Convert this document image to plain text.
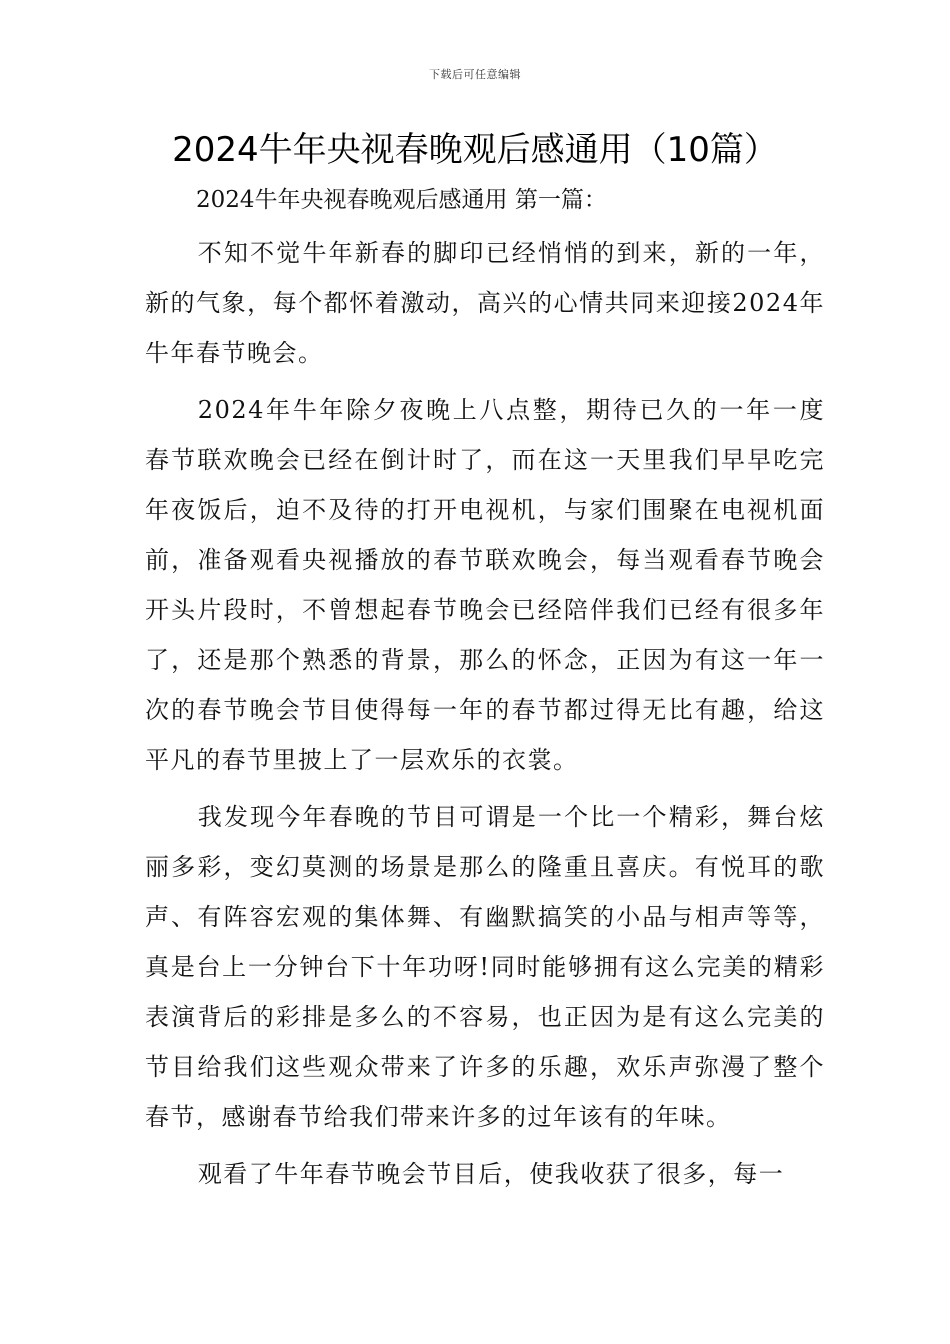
下载后可任意编辑
2024牛年央视春晚观后感通用（10篇）
2024牛年央视春晚观后感通用 第一篇：

不知不觉牛年新春的脚印已经悄悄的到来，新的一年，新的气象，每个都怀着激动，高兴的心情共同来迎接2024年牛年春节晚会。

2024年牛年除夕夜晚上八点整，期待已久的一年一度春节联欢晚会已经在倒计时了，而在这一天里我们早早吃完年夜饭后，迫不及待的打开电视机，与家们围聚在电视机面前，准备观看央视播放的春节联欢晚会，每当观看春节晚会开头片段时，不曾想起春节晚会已经陪伴我们已经有很多年了，还是那个熟悉的背景，那么的怀念，正因为有这一年一次的春节晚会节目使得每一年的春节都过得无比有趣，给这平凡的春节里披上了一层欢乐的衣裳。

我发现今年春晚的节目可谓是一个比一个精彩，舞台炫丽多彩，变幻莫测的场景是那么的隆重且喜庆。有悦耳的歌声、有阵容宏观的集体舞、有幽默搞笑的小品与相声等等，真是台上一分钟台下十年功呀!同时能够拥有这么完美的精彩表演背后的彩排是多么的不容易，也正因为是有这么完美的节目给我们这些观众带来了许多的乐趣，欢乐声弥漫了整个春节，感谢春节给我们带来许多的过年该有的年味。

观看了牛年春节晚会节目后，使我收获了很多，每一
